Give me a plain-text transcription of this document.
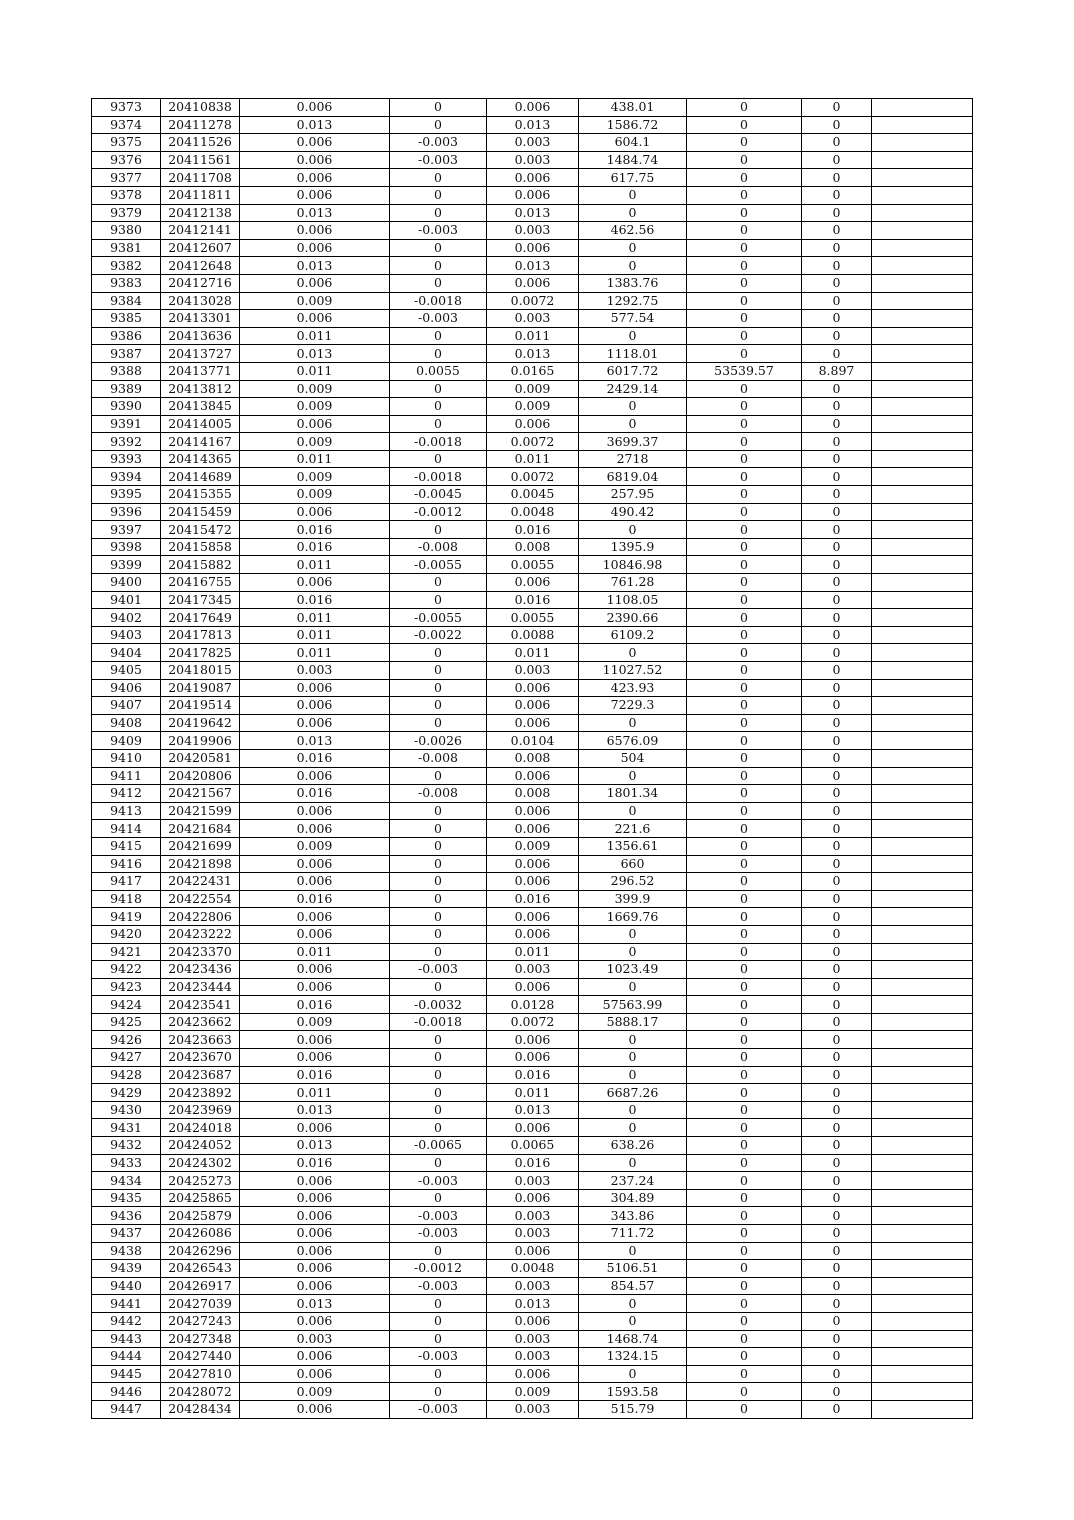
9373	20410838	0.006	0	0.006	438.01	0	0	
9374	20411278	0.013	0	0.013	1586.72	0	0	
9375	20411526	0.006	-0.003	0.003	604.1	0	0	
9376	20411561	0.006	-0.003	0.003	1484.74	0	0	
9377	20411708	0.006	0	0.006	617.75	0	0	
9378	20411811	0.006	0	0.006	0	0	0	
9379	20412138	0.013	0	0.013	0	0	0	
9380	20412141	0.006	-0.003	0.003	462.56	0	0	
9381	20412607	0.006	0	0.006	0	0	0	
9382	20412648	0.013	0	0.013	0	0	0	
9383	20412716	0.006	0	0.006	1383.76	0	0	
9384	20413028	0.009	-0.0018	0.0072	1292.75	0	0	
9385	20413301	0.006	-0.003	0.003	577.54	0	0	
9386	20413636	0.011	0	0.011	0	0	0	
9387	20413727	0.013	0	0.013	1118.01	0	0	
9388	20413771	0.011	0.0055	0.0165	6017.72	53539.57	8.897	
9389	20413812	0.009	0	0.009	2429.14	0	0	
9390	20413845	0.009	0	0.009	0	0	0	
9391	20414005	0.006	0	0.006	0	0	0	
9392	20414167	0.009	-0.0018	0.0072	3699.37	0	0	
9393	20414365	0.011	0	0.011	2718	0	0	
9394	20414689	0.009	-0.0018	0.0072	6819.04	0	0	
9395	20415355	0.009	-0.0045	0.0045	257.95	0	0	
9396	20415459	0.006	-0.0012	0.0048	490.42	0	0	
9397	20415472	0.016	0	0.016	0	0	0	
9398	20415858	0.016	-0.008	0.008	1395.9	0	0	
9399	20415882	0.011	-0.0055	0.0055	10846.98	0	0	
9400	20416755	0.006	0	0.006	761.28	0	0	
9401	20417345	0.016	0	0.016	1108.05	0	0	
9402	20417649	0.011	-0.0055	0.0055	2390.66	0	0	
9403	20417813	0.011	-0.0022	0.0088	6109.2	0	0	
9404	20417825	0.011	0	0.011	0	0	0	
9405	20418015	0.003	0	0.003	11027.52	0	0	
9406	20419087	0.006	0	0.006	423.93	0	0	
9407	20419514	0.006	0	0.006	7229.3	0	0	
9408	20419642	0.006	0	0.006	0	0	0	
9409	20419906	0.013	-0.0026	0.0104	6576.09	0	0	
9410	20420581	0.016	-0.008	0.008	504	0	0	
9411	20420806	0.006	0	0.006	0	0	0	
9412	20421567	0.016	-0.008	0.008	1801.34	0	0	
9413	20421599	0.006	0	0.006	0	0	0	
9414	20421684	0.006	0	0.006	221.6	0	0	
9415	20421699	0.009	0	0.009	1356.61	0	0	
9416	20421898	0.006	0	0.006	660	0	0	
9417	20422431	0.006	0	0.006	296.52	0	0	
9418	20422554	0.016	0	0.016	399.9	0	0	
9419	20422806	0.006	0	0.006	1669.76	0	0	
9420	20423222	0.006	0	0.006	0	0	0	
9421	20423370	0.011	0	0.011	0	0	0	
9422	20423436	0.006	-0.003	0.003	1023.49	0	0	
9423	20423444	0.006	0	0.006	0	0	0	
9424	20423541	0.016	-0.0032	0.0128	57563.99	0	0	
9425	20423662	0.009	-0.0018	0.0072	5888.17	0	0	
9426	20423663	0.006	0	0.006	0	0	0	
9427	20423670	0.006	0	0.006	0	0	0	
9428	20423687	0.016	0	0.016	0	0	0	
9429	20423892	0.011	0	0.011	6687.26	0	0	
9430	20423969	0.013	0	0.013	0	0	0	
9431	20424018	0.006	0	0.006	0	0	0	
9432	20424052	0.013	-0.0065	0.0065	638.26	0	0	
9433	20424302	0.016	0	0.016	0	0	0	
9434	20425273	0.006	-0.003	0.003	237.24	0	0	
9435	20425865	0.006	0	0.006	304.89	0	0	
9436	20425879	0.006	-0.003	0.003	343.86	0	0	
9437	20426086	0.006	-0.003	0.003	711.72	0	0	
9438	20426296	0.006	0	0.006	0	0	0	
9439	20426543	0.006	-0.0012	0.0048	5106.51	0	0	
9440	20426917	0.006	-0.003	0.003	854.57	0	0	
9441	20427039	0.013	0	0.013	0	0	0	
9442	20427243	0.006	0	0.006	0	0	0	
9443	20427348	0.003	0	0.003	1468.74	0	0	
9444	20427440	0.006	-0.003	0.003	1324.15	0	0	
9445	20427810	0.006	0	0.006	0	0	0	
9446	20428072	0.009	0	0.009	1593.58	0	0	
9447	20428434	0.006	-0.003	0.003	515.79	0	0	
